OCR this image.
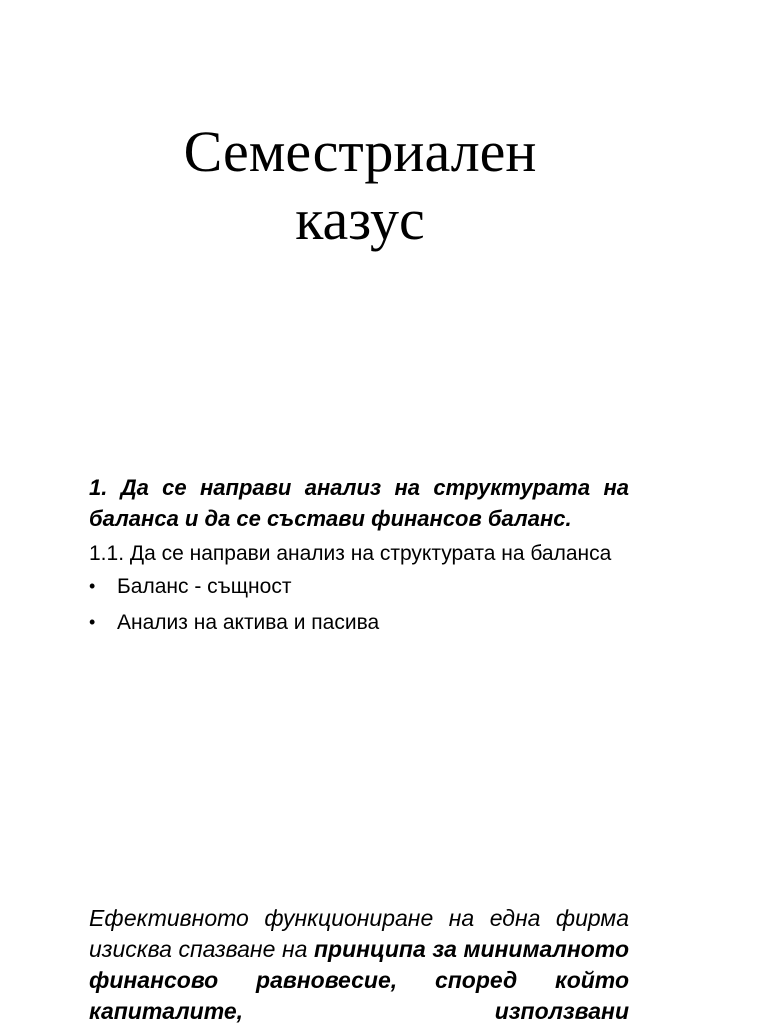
Семестриален
казус

1. Да се направи анализ на структурата на баланса и да се състави финансов баланс.

1.1. Да се направи анализ на структурата на баланса

• Баланс - същност
• Анализ на актива и пасива

Ефективното функциониране на една фирма изисква спазване на принципа за минималното финансово равновесие, според който капиталите, използвани
